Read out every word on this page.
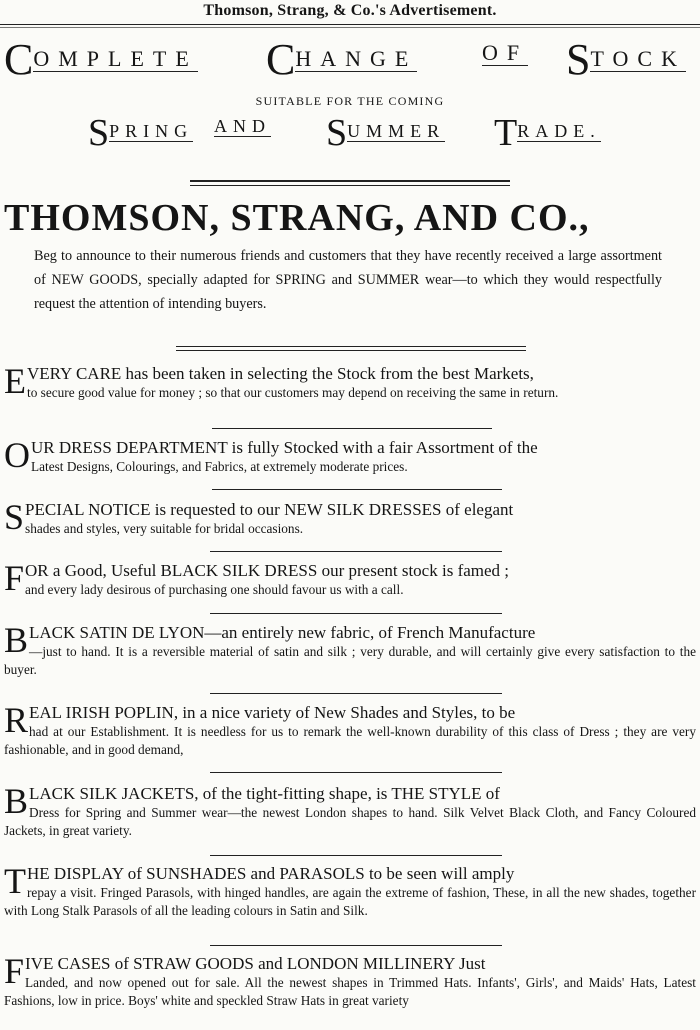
Thomson, Strang, & Co.'s Advertisement.
COMPLETE CHANGE	OF STOCK
SUITABLE FOR THE COMING
SPRING AND SUMMER TRADE.
THOMSON, STRANG, AND CO.,
Beg to announce to their numerous friends and customers that they have recently received a large assortment of NEW GOODS, specially adapted for SPRING and SUMMER wear—to which they would respectfully request the attention of intending buyers.
E VERY CARE has been taken in selecting the Stock from the best Markets,
to secure good value for money ; so that our customers may depend on receiving the same in return.

O UR DRESS DEPARTMENT is fully Stocked with a fair Assortment of the
Latest Designs, Colourings, and Fabrics, at extremely moderate prices.

S PECIAL NOTICE is requested to our NEW SILK DRESSES of elegant
shades and styles, very suitable for bridal occasions.

F OR a Good, Useful BLACK SILK DRESS our present stock is famed ;
and every lady desirous of purchasing one should favour us with a call.

B LACK SATIN DE LYON—an entirely new fabric, of French Manufacture
—just to hand. It is a reversible material of satin and silk ; very durable, and will certainly give every satisfaction to the buyer.

R EAL IRISH POPLIN, in a nice variety of New Shades and Styles, to be
had at our Establishment. It is needless for us to remark the well-known durability of this class of Dress ; they are very fashionable, and in good demand,

B LACK SILK JACKETS, of the tight-fitting shape, is THE STYLE of
Dress for Spring and Summer wear—the newest London shapes to hand. Silk Velvet Black Cloth, and Fancy Coloured Jackets, in great variety.

T HE DISPLAY of SUNSHADES and PARASOLS to be seen will amply
repay a visit. Fringed Parasols, with hinged handles, are again the extreme of fashion, These, in all the new shades, together with Long Stalk Parasols of all the leading colours in Satin and Silk.

F IVE CASES of STRAW GOODS and LONDON MILLINERY Just
Landed, and now opened out for sale. All the newest shapes in Trimmed Hats. Infants', Girls', and Maids' Hats, Latest Fashions, low in price. Boys' white and speckled Straw Hats in great variety
